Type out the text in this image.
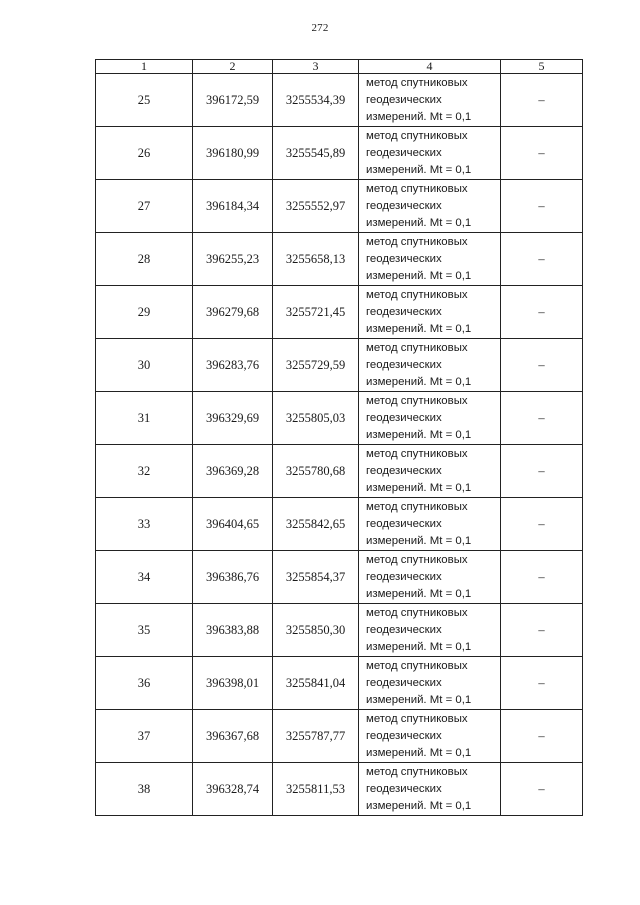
272
1	2	3	4	5
25	396172,59	3255534,39	метод спутниковых
геодезических
измерений. Mt = 0,1	–
26	396180,99	3255545,89	метод спутниковых
геодезических
измерений. Mt = 0,1	–
27	396184,34	3255552,97	метод спутниковых
геодезических
измерений. Mt = 0,1	–
28	396255,23	3255658,13	метод спутниковых
геодезических
измерений. Mt = 0,1	–
29	396279,68	3255721,45	метод спутниковых
геодезических
измерений. Mt = 0,1	–
30	396283,76	3255729,59	метод спутниковых
геодезических
измерений. Mt = 0,1	–
31	396329,69	3255805,03	метод спутниковых
геодезических
измерений. Mt = 0,1	–
32	396369,28	3255780,68	метод спутниковых
геодезических
измерений. Mt = 0,1	–
33	396404,65	3255842,65	метод спутниковых
геодезических
измерений. Mt = 0,1	–
34	396386,76	3255854,37	метод спутниковых
геодезических
измерений. Mt = 0,1	–
35	396383,88	3255850,30	метод спутниковых
геодезических
измерений. Mt = 0,1	–
36	396398,01	3255841,04	метод спутниковых
геодезических
измерений. Mt = 0,1	–
37	396367,68	3255787,77	метод спутниковых
геодезических
измерений. Mt = 0,1	–
38	396328,74	3255811,53	метод спутниковых
геодезических
измерений. Mt = 0,1	–
